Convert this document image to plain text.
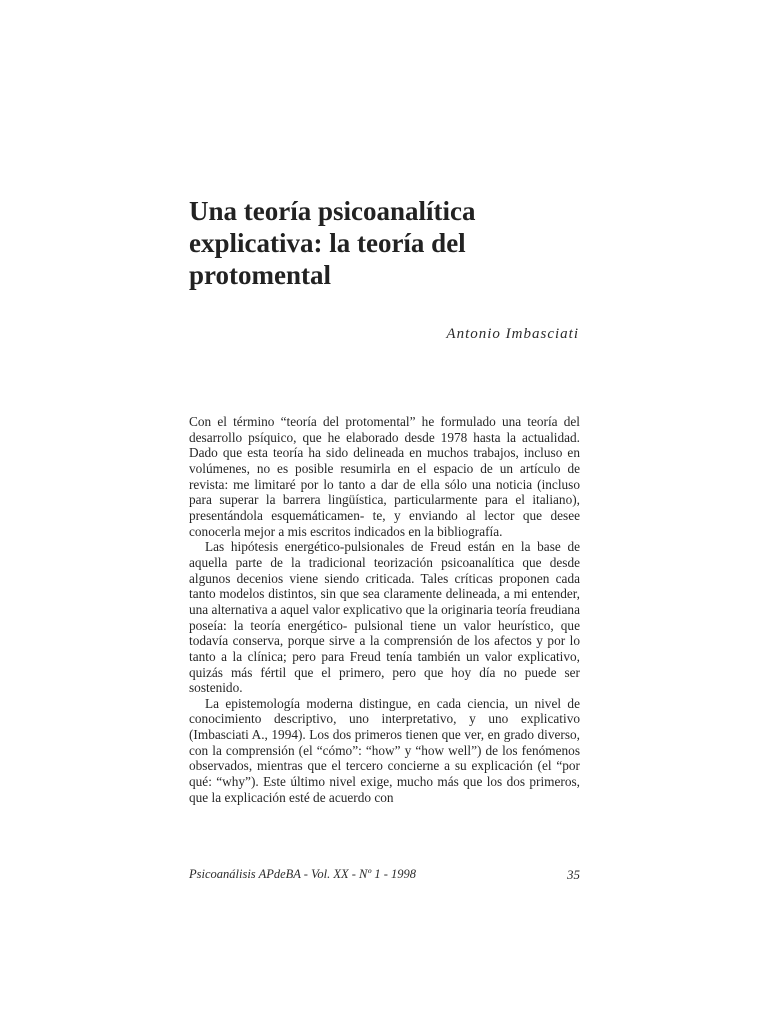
Una teoría psicoanalítica explicativa: la teoría del protomental
Antonio Imbasciati

Con el término “teoría del protomental” he formulado una teoría del desarrollo psíquico, que he elaborado desde 1978 hasta la actualidad. Dado que esta teoría ha sido delineada en muchos trabajos, incluso en volúmenes, no es posible resumirla en el espacio de un artículo de revista: me limitaré por lo tanto a dar de ella sólo una noticia (incluso para superar la barrera lingüística, particularmente para el italiano), presentándola esquemáticamen- te, y enviando al lector que desee conocerla mejor a mis escritos indicados en la bibliografía.

Las hipótesis energético-pulsionales de Freud están en la base de aquella parte de la tradicional teorización psicoanalítica que desde algunos decenios viene siendo criticada. Tales críticas proponen cada tanto modelos distintos, sin que sea claramente delineada, a mi entender, una alternativa a aquel valor explicativo que la originaria teoría freudiana poseía: la teoría energético- pulsional tiene un valor heurístico, que todavía conserva, porque sirve a la comprensión de los afectos y por lo tanto a la clínica; pero para Freud tenía también un valor explicativo, quizás más fértil que el primero, pero que hoy día no puede ser sostenido.

La epistemología moderna distingue, en cada ciencia, un nivel de conocimiento descriptivo, uno interpretativo, y uno explicativo (Imbasciati A., 1994). Los dos primeros tienen que ver, en grado diverso, con la comprensión (el “cómo”: “how” y “how well”) de los fenómenos observados, mientras que el tercero concierne a su explicación (el “por qué: “why”). Este último nivel exige, mucho más que los dos primeros, que la explicación esté de acuerdo con

Psicoanálisis APdeBA - Vol. XX - Nº 1 - 1998	35
